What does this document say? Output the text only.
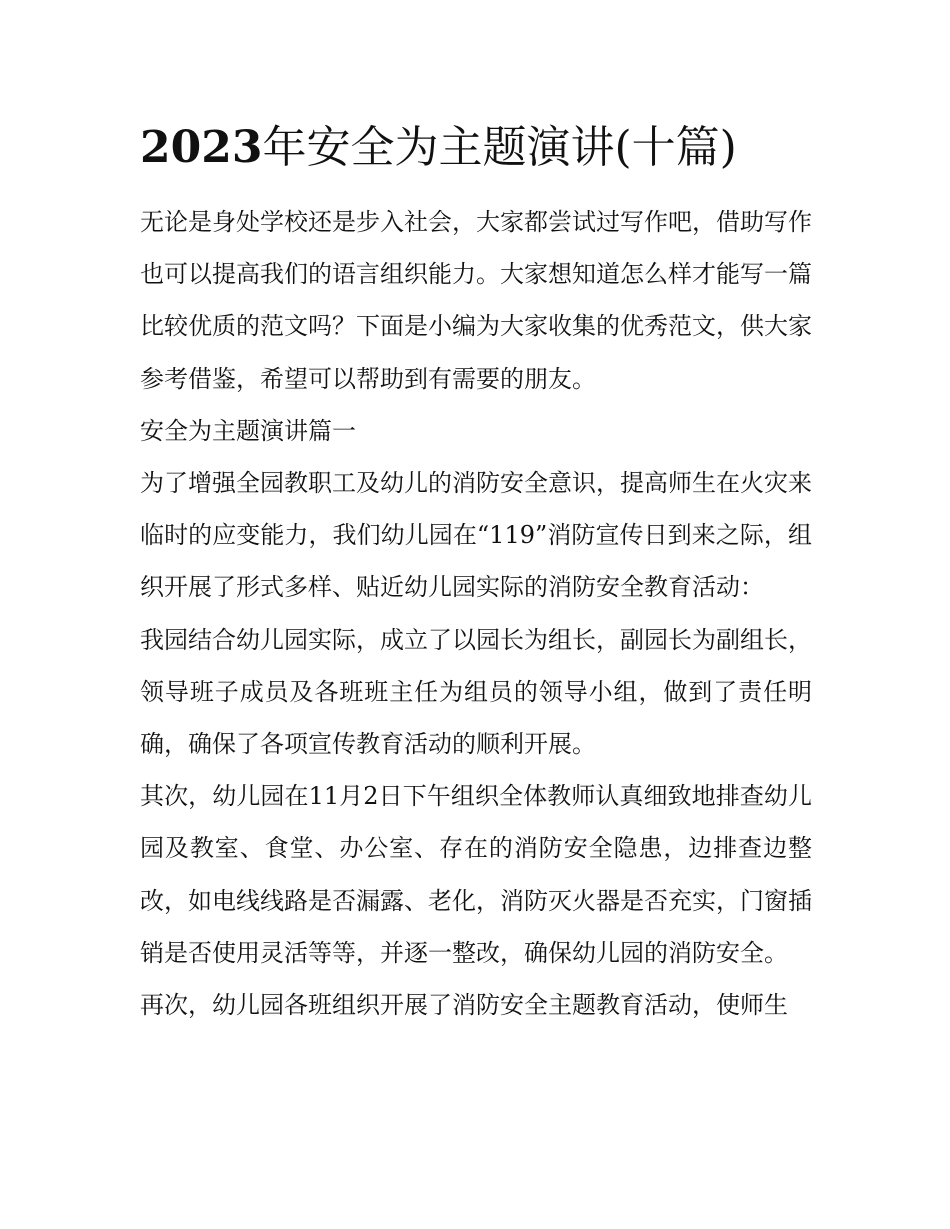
2023年安全为主题演讲(十篇)

无论是身处学校还是步入社会，大家都尝试过写作吧，借助写作也可以提高我们的语言组织能力。大家想知道怎么样才能写一篇比较优质的范文吗？下面是小编为大家收集的优秀范文，供大家参考借鉴，希望可以帮助到有需要的朋友。

安全为主题演讲篇一

为了增强全园教职工及幼儿的消防安全意识，提高师生在火灾来临时的应变能力，我们幼儿园在“119”消防宣传日到来之际，组织开展了形式多样、贴近幼儿园实际的消防安全教育活动：

我园结合幼儿园实际，成立了以园长为组长，副园长为副组长，领导班子成员及各班班主任为组员的领导小组，做到了责任明确，确保了各项宣传教育活动的顺利开展。

其次，幼儿园在11月2日下午组织全体教师认真细致地排查幼儿园及教室、食堂、办公室、存在的消防安全隐患，边排查边整改，如电线线路是否漏露、老化，消防灭火器是否充实，门窗插销是否使用灵活等等，并逐一整改，确保幼儿园的消防安全。

再次，幼儿园各班组织开展了消防安全主题教育活动，使师生
